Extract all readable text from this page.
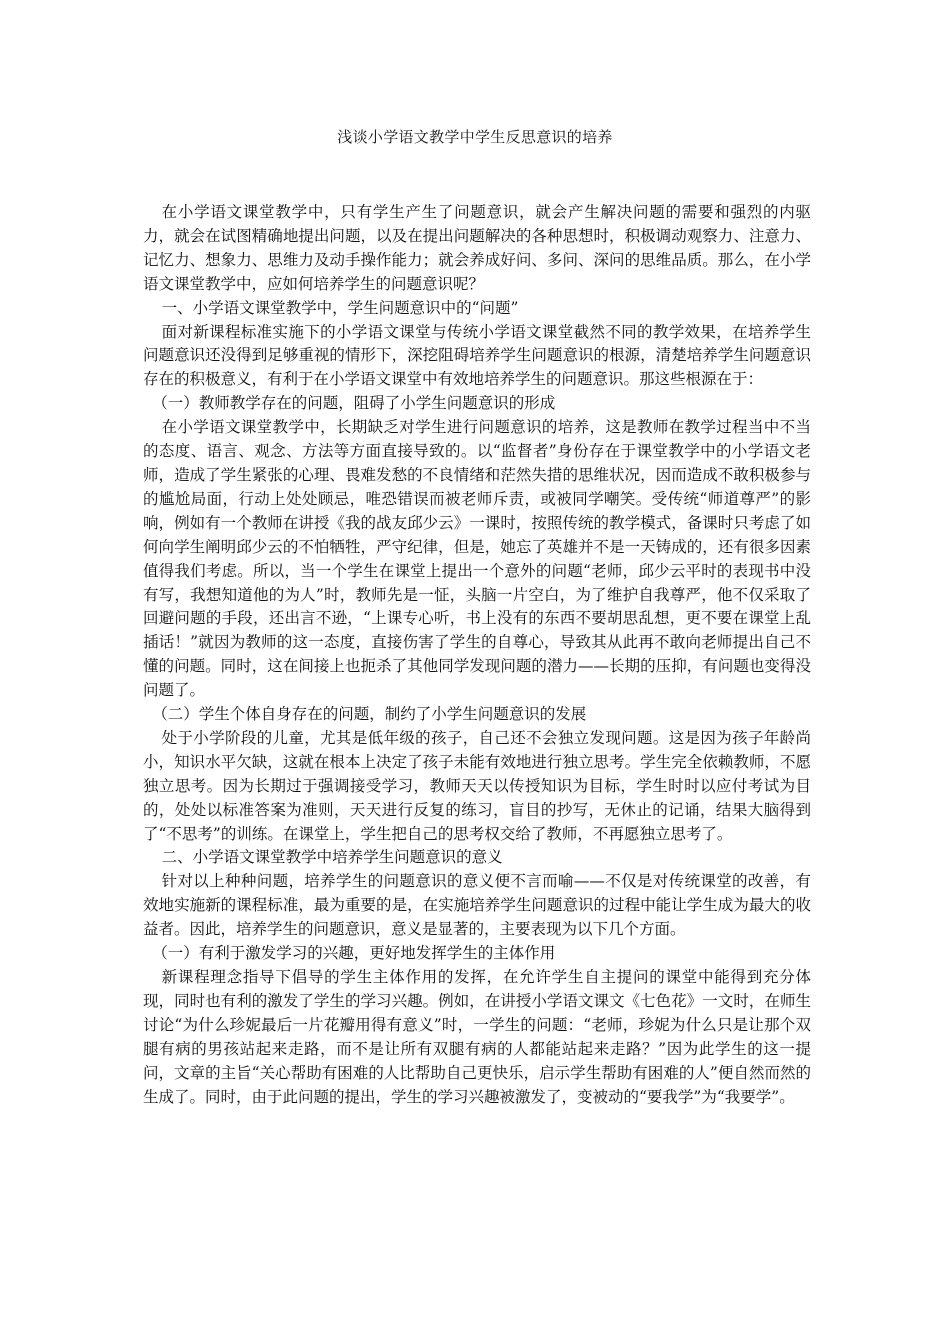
浅谈小学语文教学中学生反思意识的培养

在小学语文课堂教学中，只有学生产生了问题意识，就会产生解决问题的需要和强烈的内驱力，就会在试图精确地提出问题，以及在提出问题解决的各种思想时，积极调动观察力、注意力、记忆力、想象力、思维力及动手操作能力；就会养成好问、多问、深问的思维品质。那么，在小学语文课堂教学中，应如何培养学生的问题意识呢？

一、小学语文课堂教学中，学生问题意识中的“问题”

面对新课程标准实施下的小学语文课堂与传统小学语文课堂截然不同的教学效果，在培养学生问题意识还没得到足够重视的情形下，深挖阻碍培养学生问题意识的根源，清楚培养学生问题意识存在的积极意义，有利于在小学语文课堂中有效地培养学生的问题意识。那这些根源在于：

（一）教师教学存在的问题，阻碍了小学生问题意识的形成

在小学语文课堂教学中，长期缺乏对学生进行问题意识的培养，这是教师在教学过程当中不当的态度、语言、观念、方法等方面直接导致的。以“监督者”身份存在于课堂教学中的小学语文老师，造成了学生紧张的心理、畏难发愁的不良情绪和茫然失措的思维状况，因而造成不敢积极参与的尴尬局面，行动上处处顾忌，唯恐错误而被老师斥责，或被同学嘲笑。受传统“师道尊严”的影响，例如有一个教师在讲授《我的战友邱少云》一课时，按照传统的教学模式，备课时只考虑了如何向学生阐明邱少云的不怕牺牲，严守纪律，但是，她忘了英雄并不是一天铸成的，还有很多因素值得我们考虑。所以，当一个学生在课堂上提出一个意外的问题“老师，邱少云平时的表现书中没有写，我想知道他的为人”时，教师先是一怔，头脑一片空白，为了维护自我尊严，他不仅采取了回避问题的手段，还出言不逊，“上课专心听，书上没有的东西不要胡思乱想，更不要在课堂上乱插话！”就因为教师的这一态度，直接伤害了学生的自尊心，导致其从此再不敢向老师提出自己不懂的问题。同时，这在间接上也扼杀了其他同学发现问题的潜力——长期的压抑，有问题也变得没问题了。

（二）学生个体自身存在的问题，制约了小学生问题意识的发展

处于小学阶段的儿童，尤其是低年级的孩子，自己还不会独立发现问题。这是因为孩子年龄尚小，知识水平欠缺，这就在根本上决定了孩子未能有效地进行独立思考。学生完全依赖教师，不愿独立思考。因为长期过于强调接受学习，教师天天以传授知识为目标，学生时时以应付考试为目的，处处以标准答案为准则，天天进行反复的练习，盲目的抄写，无休止的记诵，结果大脑得到了“不思考”的训练。在课堂上，学生把自己的思考权交给了教师，不再愿独立思考了。

二、小学语文课堂教学中培养学生问题意识的意义

针对以上种种问题，培养学生的问题意识的意义便不言而喻——不仅是对传统课堂的改善，有效地实施新的课程标准，最为重要的是，在实施培养学生问题意识的过程中能让学生成为最大的收益者。因此，培养学生的问题意识，意义是显著的，主要表现为以下几个方面。

（一）有利于激发学习的兴趣，更好地发挥学生的主体作用

新课程理念指导下倡导的学生主体作用的发挥，在允许学生自主提问的课堂中能得到充分体现，同时也有利的激发了学生的学习兴趣。例如，在讲授小学语文课文《七色花》一文时，在师生讨论“为什么珍妮最后一片花瓣用得有意义”时，一学生的问题：“老师，珍妮为什么只是让那个双腿有病的男孩站起来走路，而不是让所有双腿有病的人都能站起来走路？”因为此学生的这一提问，文章的主旨“关心帮助有困难的人比帮助自己更快乐，启示学生帮助有困难的人”便自然而然的生成了。同时，由于此问题的提出，学生的学习兴趣被激发了，变被动的“要我学”为“我要学”。
